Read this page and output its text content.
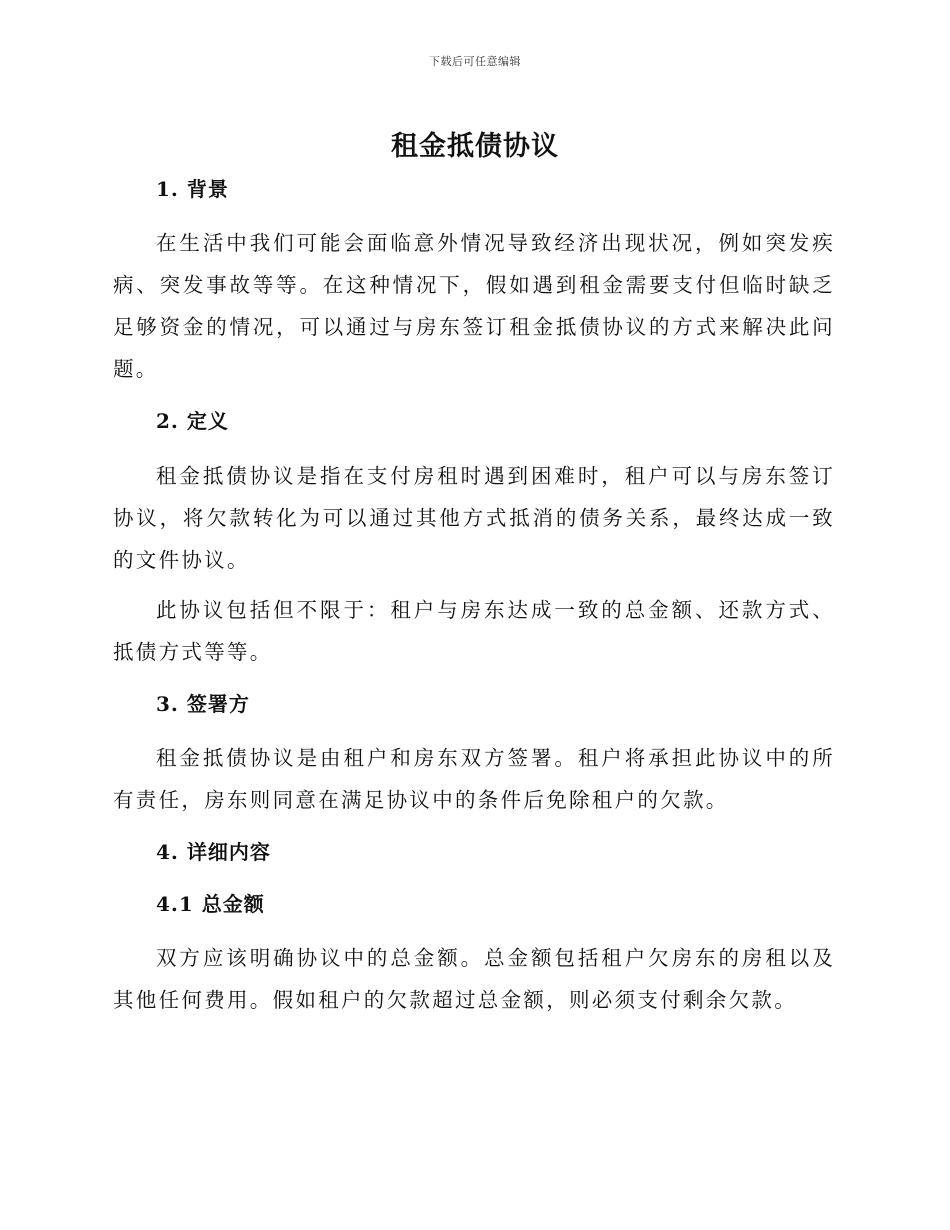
下载后可任意编辑
租金抵债协议
1. 背景

在生活中我们可能会面临意外情况导致经济出现状况，例如突发疾病、突发事故等等。在这种情况下，假如遇到租金需要支付但临时缺乏足够资金的情况，可以通过与房东签订租金抵债协议的方式来解决此问题。

2. 定义

租金抵债协议是指在支付房租时遇到困难时，租户可以与房东签订协议，将欠款转化为可以通过其他方式抵消的债务关系，最终达成一致的文件协议。

此协议包括但不限于：租户与房东达成一致的总金额、还款方式、抵债方式等等。

3. 签署方

租金抵债协议是由租户和房东双方签署。租户将承担此协议中的所有责任，房东则同意在满足协议中的条件后免除租户的欠款。

4. 详细内容
4.1 总金额

双方应该明确协议中的总金额。总金额包括租户欠房东的房租以及其他任何费用。假如租户的欠款超过总金额，则必须支付剩余欠款。
